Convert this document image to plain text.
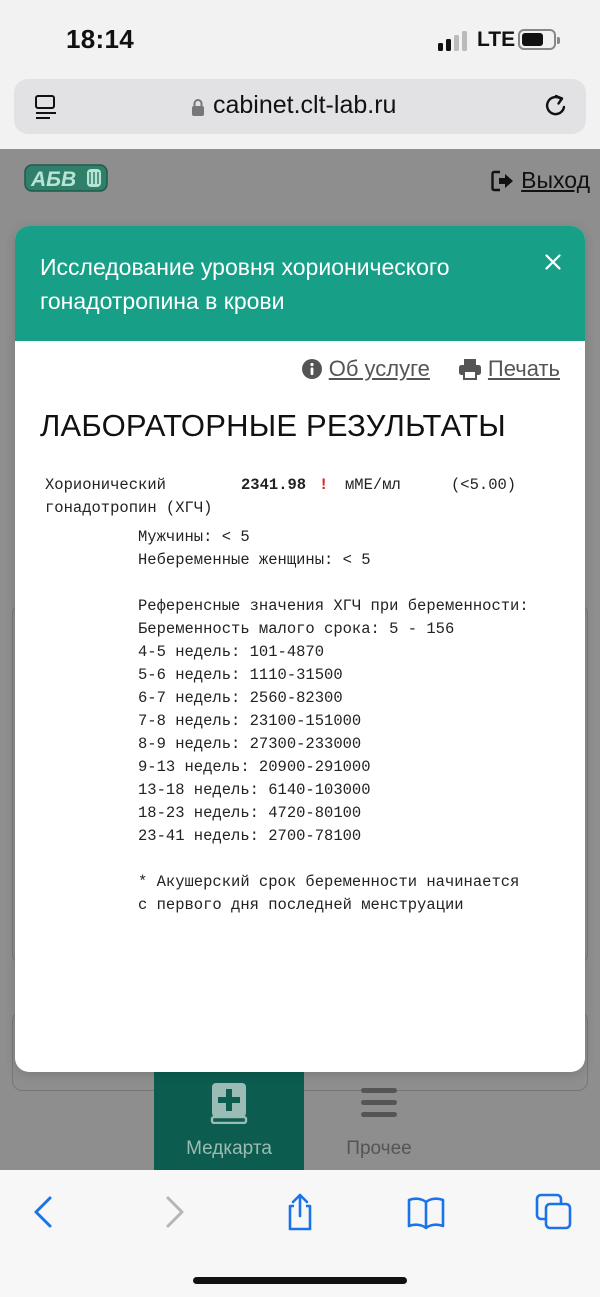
18:14	LTE
cabinet.clt-lab.ru
АБВ	Выход
Медкарта	Прочее
Исследование уровня хорионического гонадотропина в крови
Об услуге	Печать
ЛАБОРАТОРНЫЕ РЕЗУЛЬТАТЫ
Хорионический
гонадотропин (ХГЧ)
2341.98 ! мМЕ/мл	(<5.00)
Мужчины: < 5
Небеременные женщины: < 5
Референсные значения ХГЧ при беременности:
Беременность малого срока: 5 - 156
4-5 недель: 101-4870
5-6 недель: 1110-31500
6-7 недель: 2560-82300
7-8 недель: 23100-151000
8-9 недель: 27300-233000
9-13 недель: 20900-291000
13-18 недель: 6140-103000
18-23 недель: 4720-80100
23-41 недель: 2700-78100
* Акушерский срок беременности начинается
с первого дня последней менструации
